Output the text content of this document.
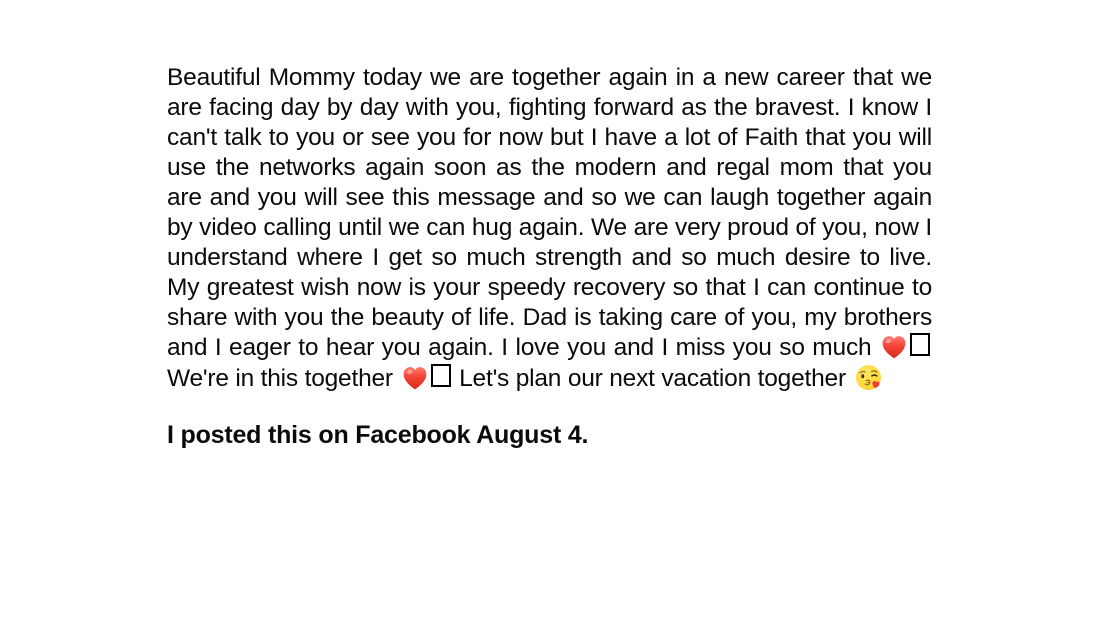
Beautiful Mommy today we are together again in a new career that we are facing day by day with you, fighting forward as the bravest. I know I can't talk to you or see you for now but I have a lot of Faith that you will use the networks again soon as the modern and regal mom that you are and you will see this message and so we can laugh together again by video calling until we can hug again. We are very proud of you, now I understand where I get so much strength and so much desire to live. My greatest wish now is your speedy recovery so that I can continue to share with you the beauty of life. Dad is taking care of you, my brothers and I eager to hear you again. I love you and I miss you so much  We're in this together  Let's plan our next vacation together

I posted this on Facebook August 4.
